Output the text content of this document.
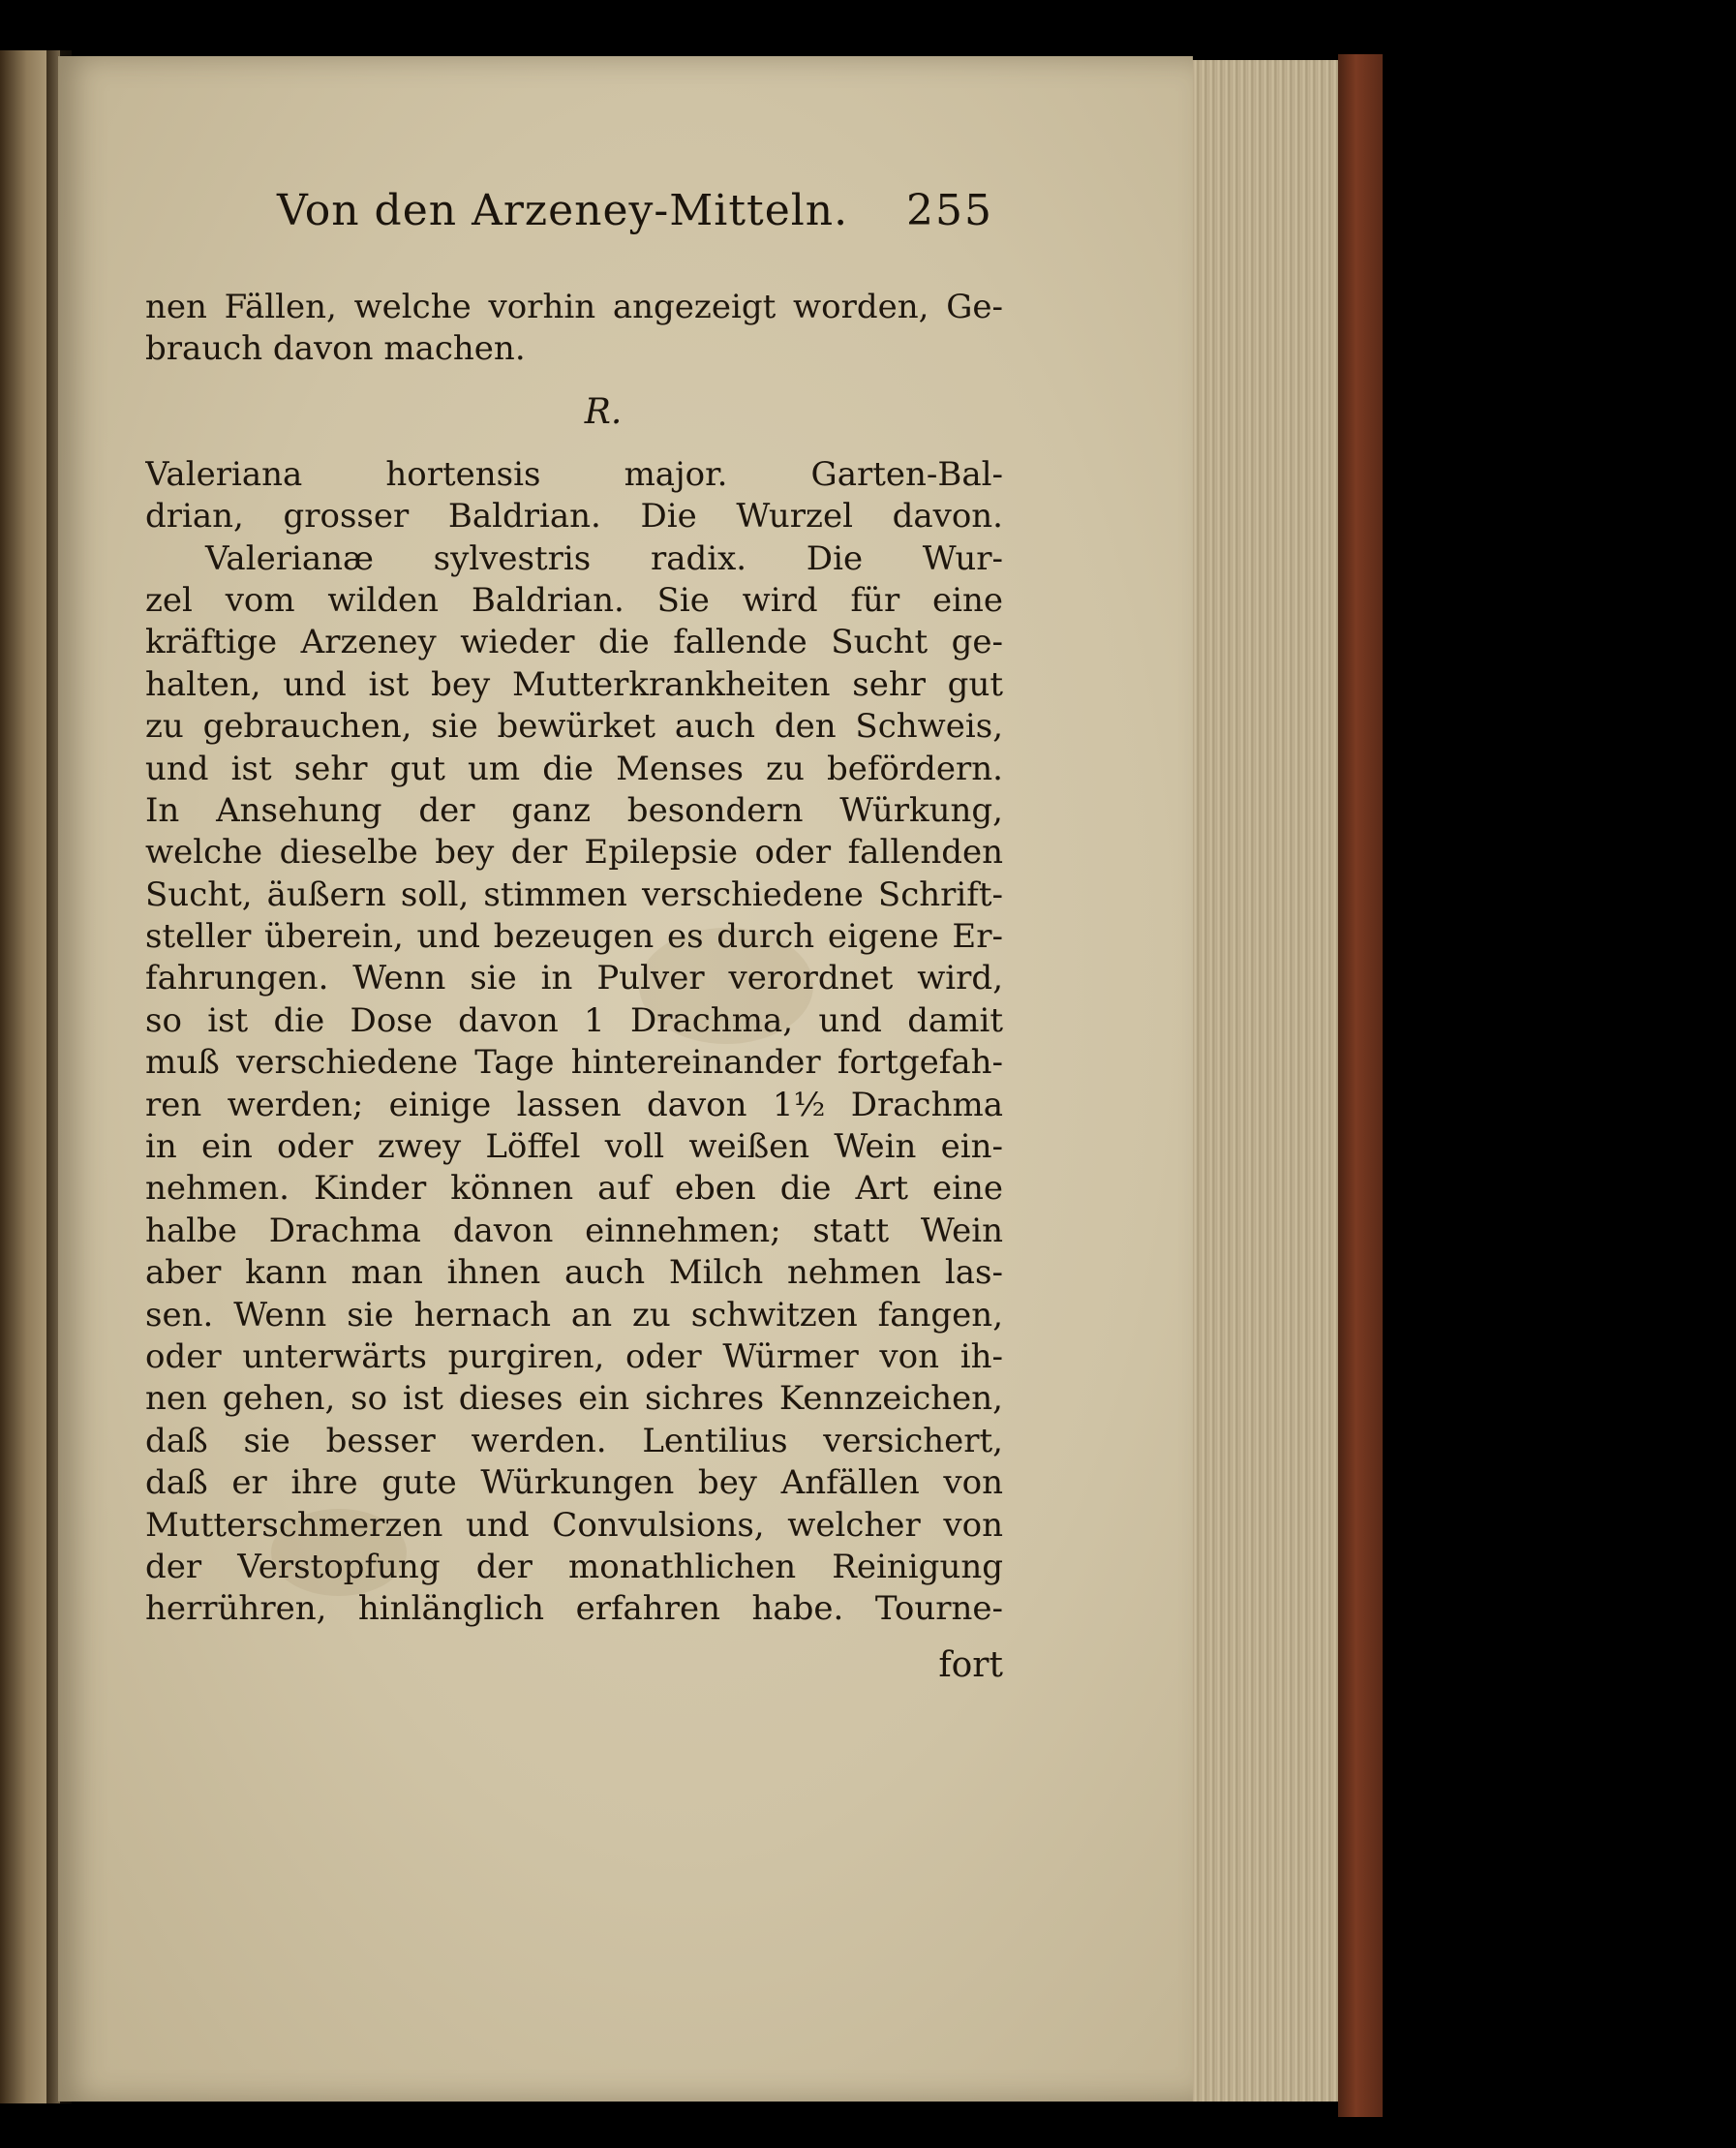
Von den Arzeney-Mitteln. 255
nen Fällen, welche vorhin angezeigt worden, Ge-
brauch davon machen.
R.
Valeriana hortensis major. Garten-Bal-
drian, grosser Baldrian. Die Wurzel davon.
Valerianæ sylvestris radix. Die Wur-
zel vom wilden Baldrian. Sie wird für eine
kräftige Arzeney wieder die fallende Sucht ge-
halten, und ist bey Mutterkrankheiten sehr gut
zu gebrauchen, sie bewürket auch den Schweis,
und ist sehr gut um die Menses zu befördern.
In Ansehung der ganz besondern Würkung,
welche dieselbe bey der Epilepsie oder fallenden
Sucht, äußern soll, stimmen verschiedene Schrift-
steller überein, und bezeugen es durch eigene Er-
fahrungen. Wenn sie in Pulver verordnet wird,
so ist die Dose davon 1 Drachma, und damit
muß verschiedene Tage hintereinander fortgefah-
ren werden; einige lassen davon 1½ Drachma
in ein oder zwey Löffel voll weißen Wein ein-
nehmen. Kinder können auf eben die Art eine
halbe Drachma davon einnehmen; statt Wein
aber kann man ihnen auch Milch nehmen las-
sen. Wenn sie hernach an zu schwitzen fangen,
oder unterwärts purgiren, oder Würmer von ih-
nen gehen, so ist dieses ein sichres Kennzeichen,
daß sie besser werden. Lentilius versichert,
daß er ihre gute Würkungen bey Anfällen von
Mutterschmerzen und Convulsions, welcher von
der Verstopfung der monathlichen Reinigung
herrühren, hinlänglich erfahren habe. Tourne-
fort
